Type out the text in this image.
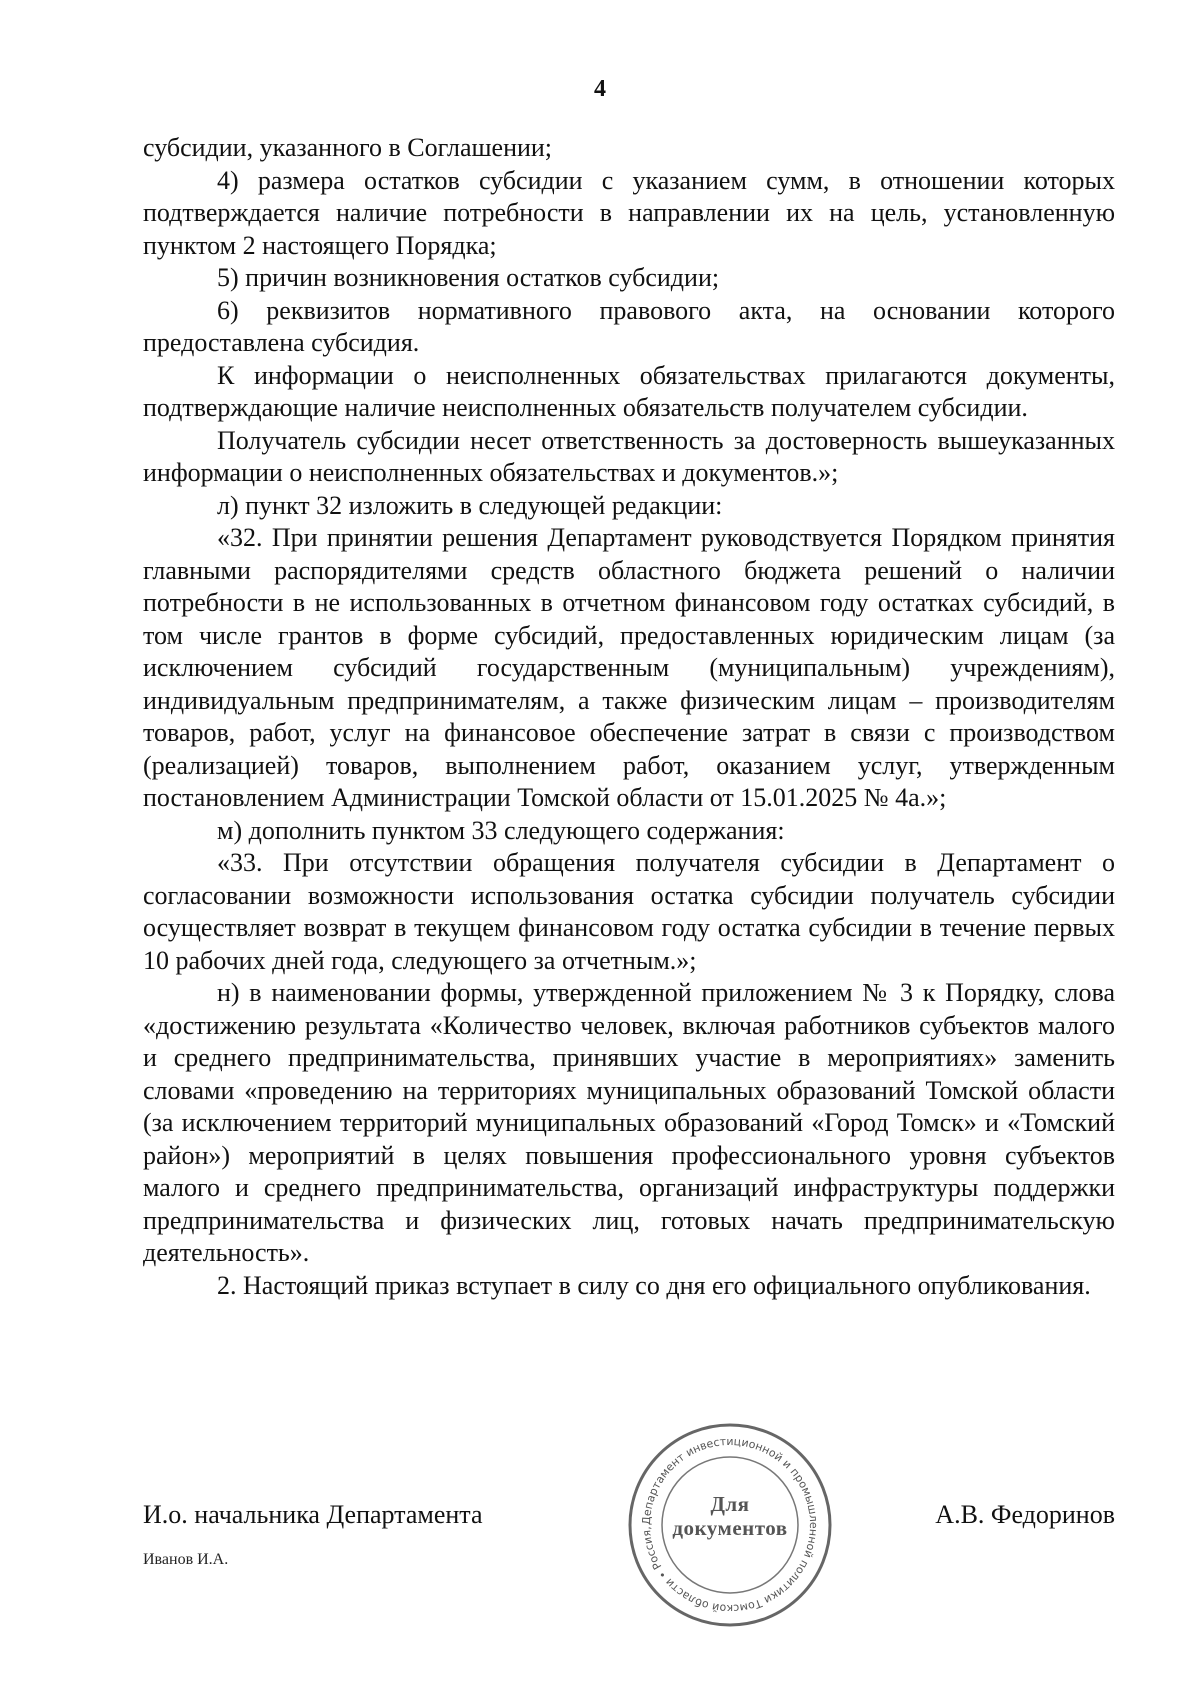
4

субсидии, указанного в Соглашении;

4) размера остатков субсидии с указанием сумм, в отношении которых подтверждается наличие потребности в направлении их на цель, установленную пунктом 2 настоящего Порядка;

5) причин возникновения остатков субсидии;

6) реквизитов нормативного правового акта, на основании которого предоставлена субсидия.

К информации о неисполненных обязательствах прилагаются документы, подтверждающие наличие неисполненных обязательств получателем субсидии.

Получатель субсидии несет ответственность за достоверность вышеуказанных информации о неисполненных обязательствах и документов.»;

л) пункт 32 изложить в следующей редакции:

«32. При принятии решения Департамент руководствуется Порядком принятия главными распорядителями средств областного бюджета решений о наличии потребности в не использованных в отчетном финансовом году остатках субсидий, в том числе грантов в форме субсидий, предоставленных юридическим лицам (за исключением субсидий государственным (муниципальным) учреждениям), индивидуальным предпринимателям, а также физическим лицам – производителям товаров, работ, услуг на финансовое обеспечение затрат в связи с производством (реализацией) товаров, выполнением работ, оказанием услуг, утвержденным постановлением Администрации Томской области от 15.01.2025 № 4а.»;

м) дополнить пунктом 33 следующего содержания:

«33. При отсутствии обращения получателя субсидии в Департамент о согласовании возможности использования остатка субсидии получатель субсидии осуществляет возврат в текущем финансовом году остатка субсидии в течение первых 10 рабочих дней года, следующего за отчетным.»;

н) в наименовании формы, утвержденной приложением № 3 к Порядку, слова «достижению результата «Количество человек, включая работников субъектов малого и среднего предпринимательства, принявших участие в мероприятиях» заменить словами «проведению на территориях муниципальных образований Томской области (за исключением территорий муниципальных образований «Город Томск» и «Томский район») мероприятий в целях повышения профессионального уровня субъектов малого и среднего предпринимательства, организаций инфраструктуры поддержки предпринимательства и физических лиц, готовых начать предпринимательскую деятельность».

2. Настоящий приказ вступает в силу со дня его официального опубликования.

И.о. начальника Департамента	А.В. Федоринов
Иванов И.А.
Департамент инвестиционной и промышленной политики Томской области • Россия,
Для
документов
